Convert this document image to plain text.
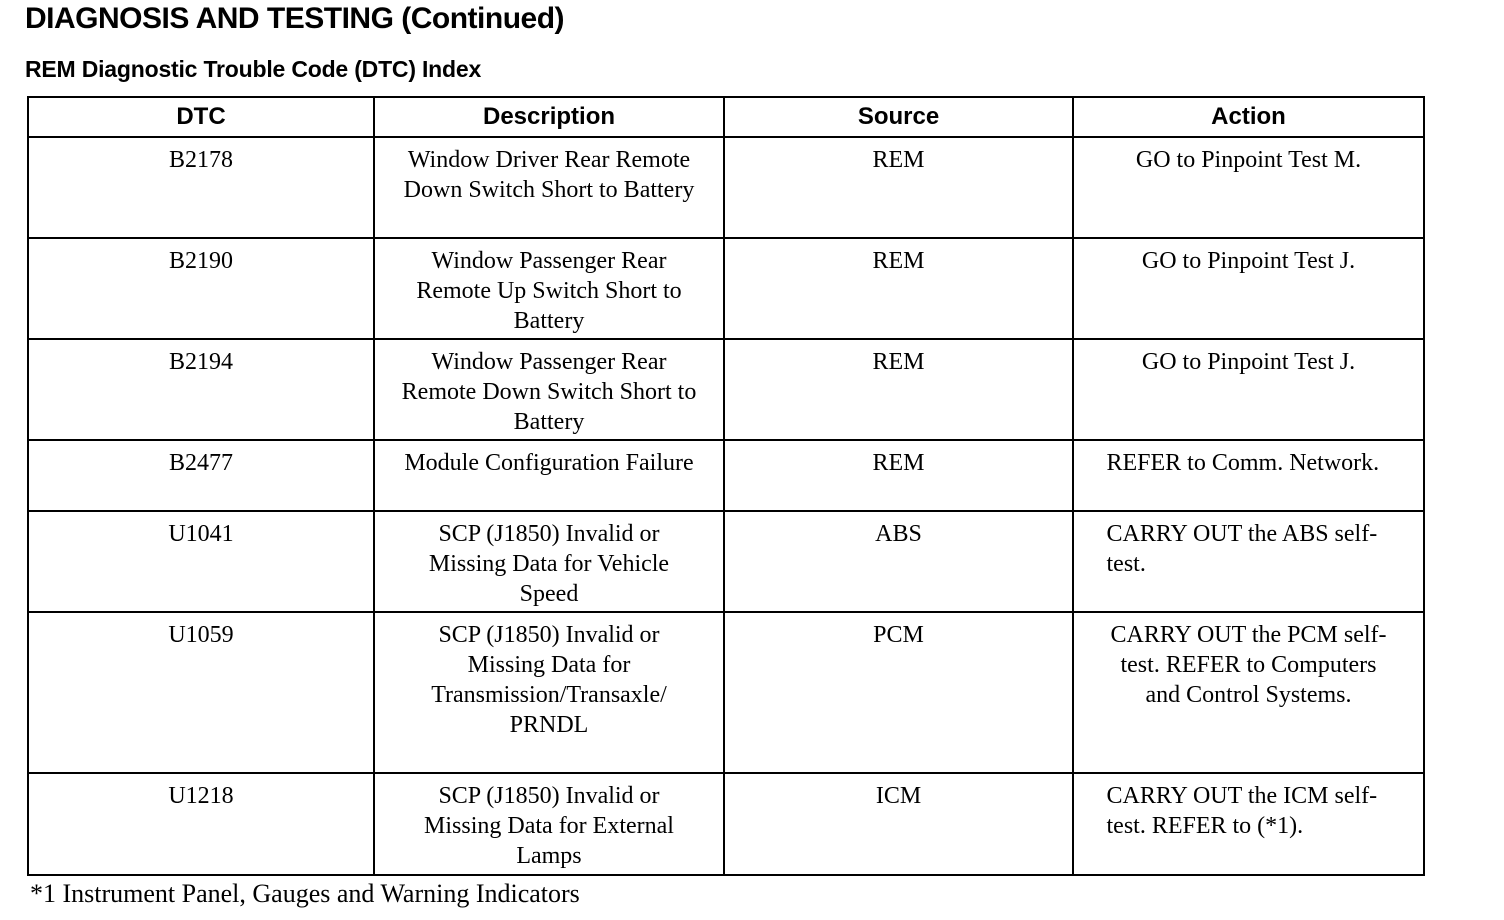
DIAGNOSIS AND TESTING (Continued)
REM Diagnostic Trouble Code (DTC) Index
DTC	Description	Source	Action

B2178	Window Driver Rear Remote Down Switch Short to Battery	REM	GO to Pinpoint Test M.

B2190	Window Passenger Rear Remote Up Switch Short to Battery	REM	GO to Pinpoint Test J.

B2194	Window Passenger Rear Remote Down Switch Short to Battery	REM	GO to Pinpoint Test J.

B2477	Module Configuration Failure	REM	REFER to Comm. Network.

U1041	SCP (J1850) Invalid or Missing Data for Vehicle Speed	ABS	CARRY OUT the ABS self-test.

U1059	SCP (J1850) Invalid or Missing Data for Transmission/Transaxle/ PRNDL	PCM	CARRY OUT the PCM self-test. REFER to Computers and Control Systems.

U1218	SCP (J1850) Invalid or Missing Data for External Lamps	ICM	CARRY OUT the ICM self-test. REFER to (*1).
*1 Instrument Panel, Gauges and Warning Indicators
